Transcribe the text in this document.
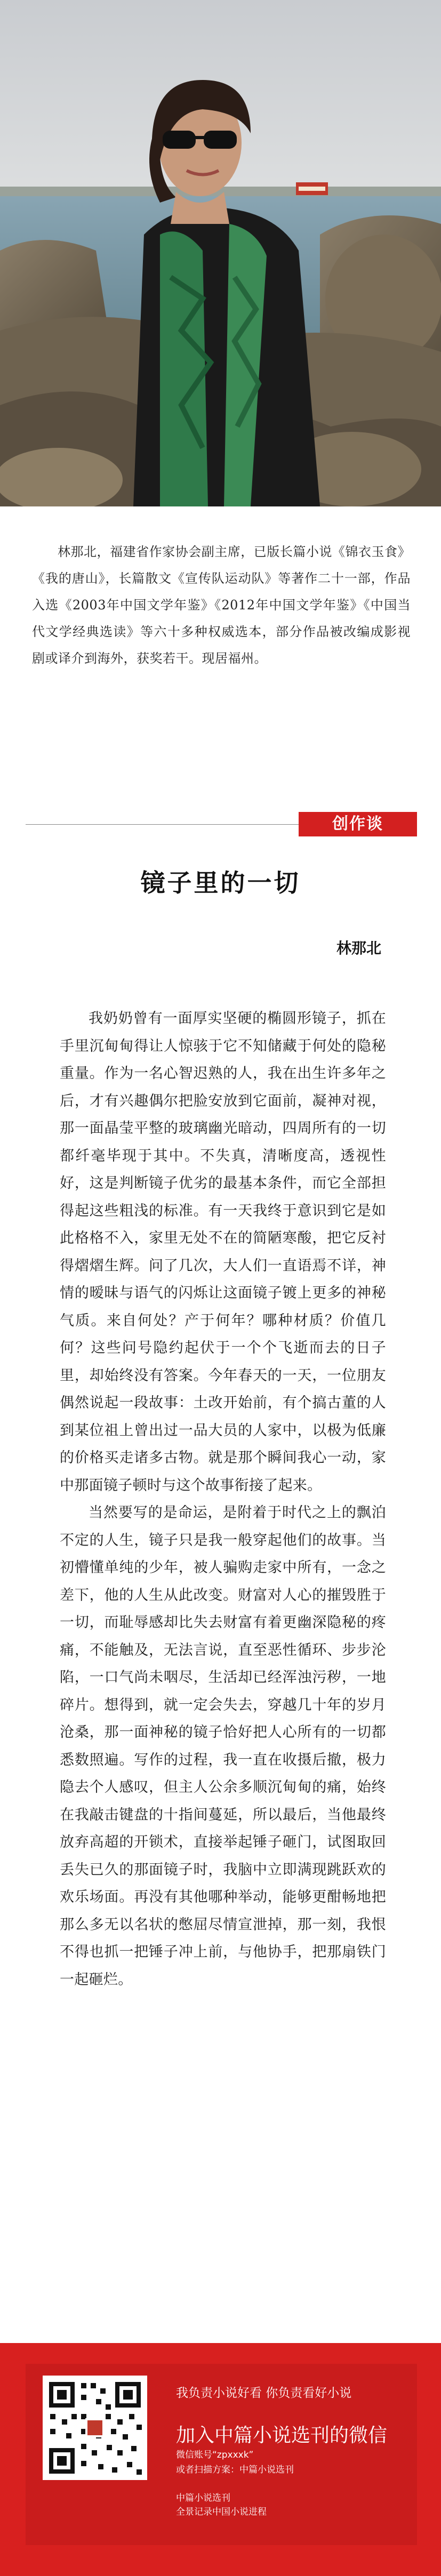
林那北，福建省作家协会副主席，已版长篇小说《锦衣玉食》《我的唐山》，长篇散文《宣传队运动队》等著作二十一部，作品入选《2003年中国文学年鉴》《2012年中国文学年鉴》《中国当代文学经典选读》等六十多种权威选本，部分作品被改编成影视剧或译介到海外，获奖若干。现居福州。

创作谈
镜子里的一切

林那北

我奶奶曾有一面厚实坚硬的椭圆形镜子，抓在手里沉甸甸得让人惊骇于它不知储藏于何处的隐秘重量。作为一名心智迟熟的人，我在出生许多年之后，才有兴趣偶尔把脸安放到它面前，凝神对视，那一面晶莹平整的玻璃幽光暗动，四周所有的一切都纤毫毕现于其中。不失真，清晰度高，透视性好，这是判断镜子优劣的最基本条件，而它全部担得起这些粗浅的标准。有一天我终于意识到它是如此格格不入，家里无处不在的简陋寒酸，把它反衬得熠熠生辉。问了几次，大人们一直语焉不详，神情的暧昧与语气的闪烁让这面镜子镀上更多的神秘气质。来自何处？产于何年？哪种材质？价值几何？这些问号隐约起伏于一个个飞逝而去的日子里，却始终没有答案。今年春天的一天，一位朋友偶然说起一段故事：土改开始前，有个搞古董的人到某位祖上曾出过一品大员的人家中，以极为低廉的价格买走诸多古物。就是那个瞬间我心一动，家中那面镜子顿时与这个故事衔接了起来。

当然要写的是命运，是附着于时代之上的飘泊不定的人生，镜子只是我一般穿起他们的故事。当初懵懂单纯的少年，被人骗购走家中所有，一念之差下，他的人生从此改变。财富对人心的摧毁胜于一切，而耻辱感却比失去财富有着更幽深隐秘的疼痛，不能触及，无法言说，直至恶性循环、步步沦陷，一口气尚未咽尽，生活却已经浑浊污秽，一地碎片。想得到，就一定会失去，穿越几十年的岁月沧桑，那一面神秘的镜子恰好把人心所有的一切都悉数照遍。写作的过程，我一直在收摄后撤，极力隐去个人感叹，但主人公余多顺沉甸甸的痛，始终在我敲击键盘的十指间蔓延，所以最后，当他最终放弃高超的开锁术，直接举起锤子砸门，试图取回丢失已久的那面镜子时，我脑中立即满现跳跃欢的欢乐场面。再没有其他哪种举动，能够更酣畅地把那么多无以名状的憋屈尽情宣泄掉，那一刻，我恨不得也抓一把锤子冲上前，与他协手，把那扇铁门一起砸烂。

我负责小说好看 你负责看好小说

加入中篇小说选刊的微信

微信账号“zpxxxk”

或者扫描方案：中篇小说选刊

中篇小说选刊

全景记录中国小说进程
